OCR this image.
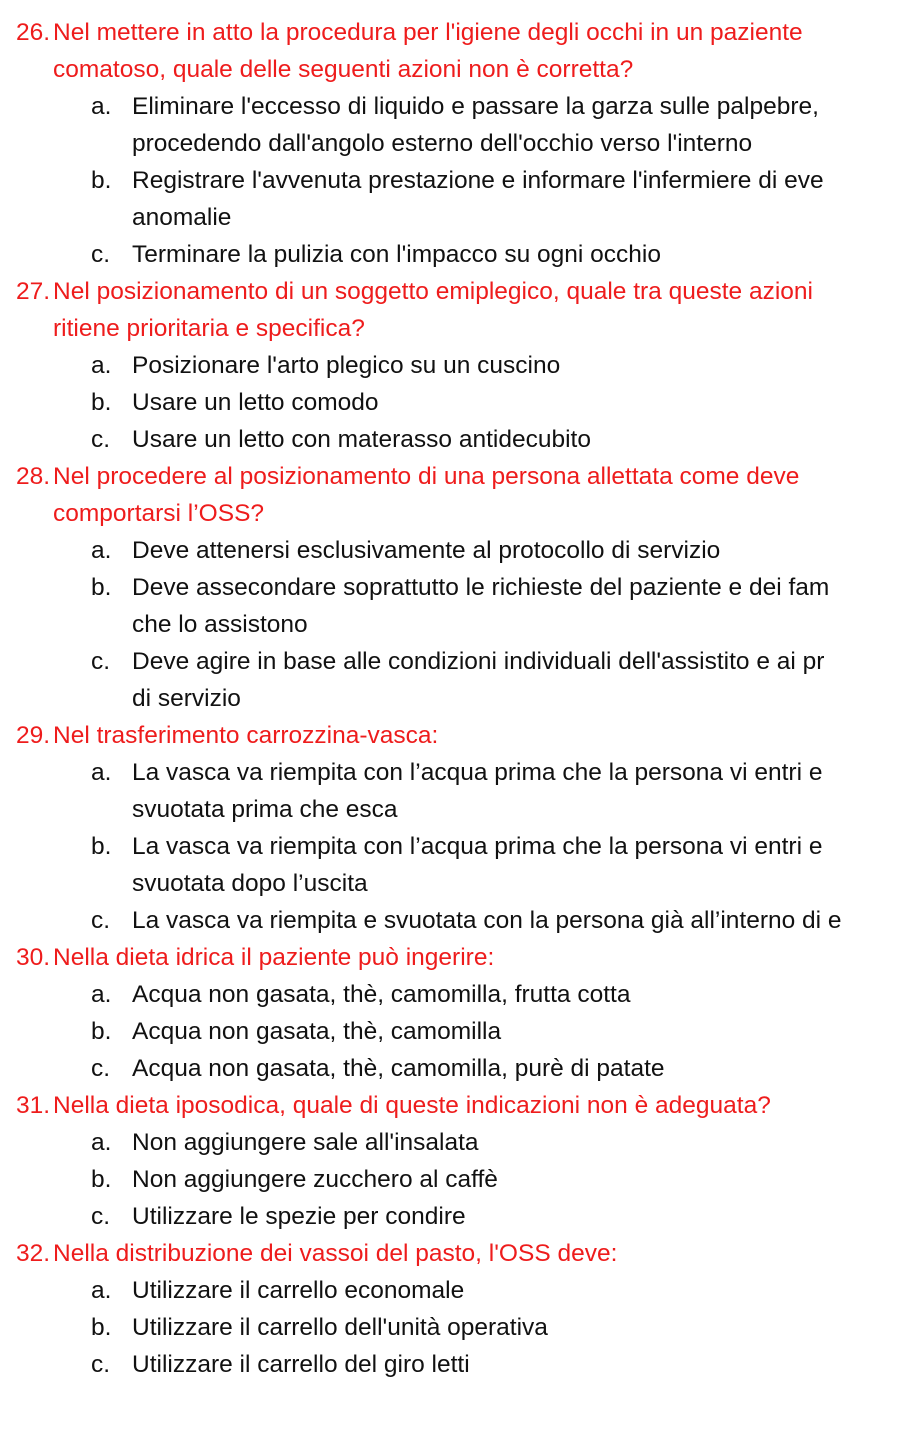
26. Nel mettere in atto la procedura per l'igiene degli occhi in un paziente
comatoso, quale delle seguenti azioni non è corretta?
a. Eliminare l'eccesso di liquido e passare la garza sulle palpebre,
procedendo dall'angolo esterno dell'occhio verso l'interno
b. Registrare l'avvenuta prestazione e informare l'infermiere di eve
anomalie
c. Terminare la pulizia con l'impacco su ogni occhio
27. Nel posizionamento di un soggetto emiplegico, quale tra queste azioni
ritiene prioritaria e specifica?
a. Posizionare l'arto plegico su un cuscino
b. Usare un letto comodo
c. Usare un letto con materasso antidecubito
28. Nel procedere al posizionamento di una persona allettata come deve
comportarsi l’OSS?
a. Deve attenersi esclusivamente al protocollo di servizio
b. Deve assecondare soprattutto le richieste del paziente e dei fam
che lo assistono
c. Deve agire in base alle condizioni individuali dell'assistito e ai pr
di servizio
29. Nel trasferimento carrozzina-vasca:
a. La vasca va riempita con l’acqua prima che la persona vi entri e
svuotata prima che esca
b. La vasca va riempita con l’acqua prima che la persona vi entri e
svuotata dopo l’uscita
c. La vasca va riempita e svuotata con la persona già all’interno di e
30. Nella dieta idrica il paziente può ingerire:
a. Acqua non gasata, thè, camomilla, frutta cotta
b. Acqua non gasata, thè, camomilla
c. Acqua non gasata, thè, camomilla, purè di patate
31. Nella dieta iposodica, quale di queste indicazioni non è adeguata?
a. Non aggiungere sale all'insalata
b. Non aggiungere zucchero al caffè
c. Utilizzare le spezie per condire
32. Nella distribuzione dei vassoi del pasto, l'OSS deve:
a. Utilizzare il carrello economale
b. Utilizzare il carrello dell'unità operativa
c. Utilizzare il carrello del giro letti
